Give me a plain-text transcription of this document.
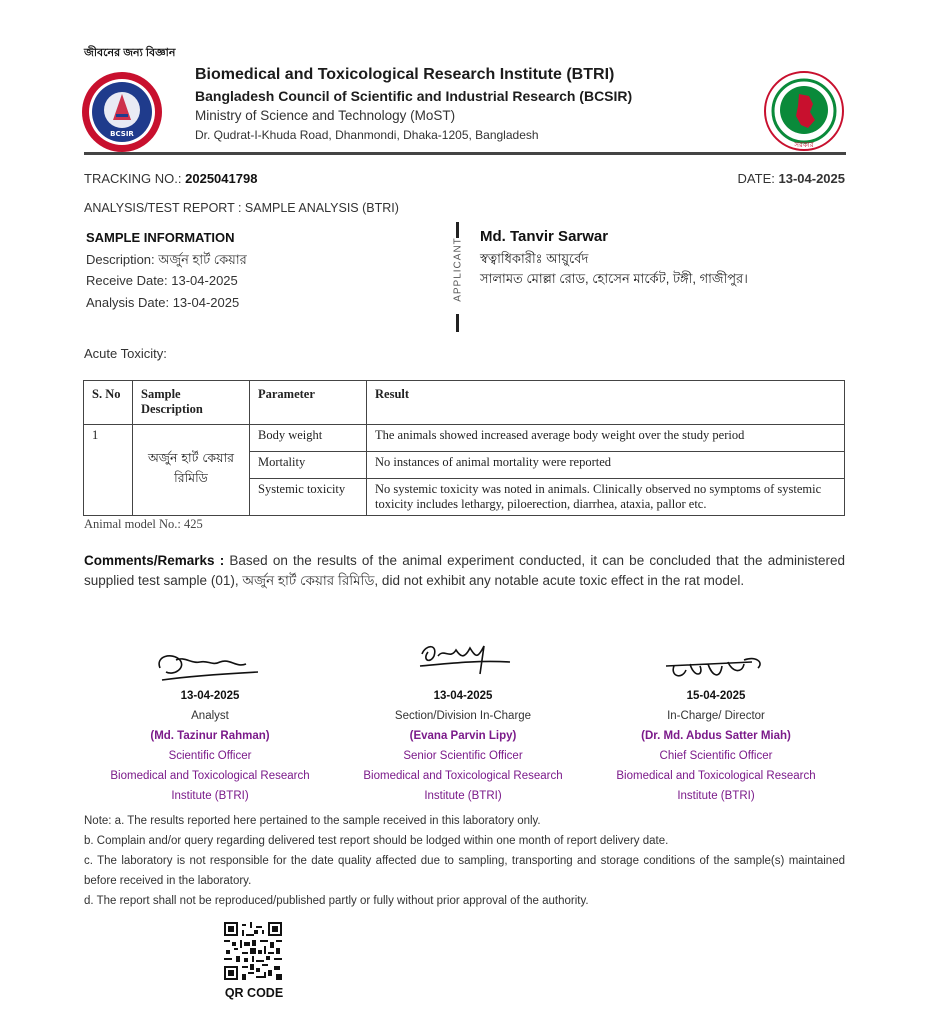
জীবনের জন্য বিজ্ঞান
BCSIR
Biomedical and Toxicological Research Institute (BTRI)
Bangladesh Council of Scientific and Industrial Research (BCSIR)
Ministry of Science and Technology (MoST)
Dr. Qudrat-I-Khuda Road, Dhanmondi, Dhaka-1205, Bangladesh
সরকার
TRACKING NO.: 2025041798	DATE: 13-04-2025
ANALYSIS/TEST REPORT : SAMPLE ANALYSIS (BTRI)
SAMPLE INFORMATION
Description: অর্জুন হার্ট কেয়ার
Receive Date: 13-04-2025
Analysis Date: 13-04-2025
APPLICANT
Md. Tanvir Sarwar
স্বত্বাধিকারীঃ আয়ুর্বেদ
সালামত মোল্লা রোড, হোসেন মার্কেট, টঙ্গী, গাজীপুর।
Acute Toxicity:
S. No	Sample Description	Parameter	Result
1	অর্জুন হার্ট কেয়ার রিমিডি	Body weight	The animals showed increased average body weight over the study period
		Mortality	No instances of animal mortality were reported
		Systemic toxicity	No systemic toxicity was noted in animals. Clinically observed no symptoms of systemic toxicity includes lethargy, piloerection, diarrhea, ataxia, pallor etc.
Animal model No.: 425
Comments/Remarks : Based on the results of the animal experiment conducted, it can be concluded that the administered supplied test sample (01), অর্জুন হার্ট কেয়ার রিমিডি, did not exhibit any notable acute toxic effect in the rat model.
13-04-2025
Analyst
(Md. Tazinur Rahman)
Scientific Officer
Biomedical and Toxicological Research
Institute (BTRI)
13-04-2025
Section/Division In-Charge
(Evana Parvin Lipy)
Senior Scientific Officer
Biomedical and Toxicological Research
Institute (BTRI)
15-04-2025
In-Charge/ Director
(Dr. Md. Abdus Satter Miah)
Chief Scientific Officer
Biomedical and Toxicological Research
Institute (BTRI)

Note: a. The results reported here pertained to the sample received in this laboratory only.

b. Complain and/or query regarding delivered test report should be lodged within one month of report delivery date.

c. The laboratory is not responsible for the date quality affected due to sampling, transporting and storage conditions of the sample(s) maintained before received in the laboratory.

d. The report shall not be reproduced/published partly or fully without prior approval of the authority.

QR CODE
